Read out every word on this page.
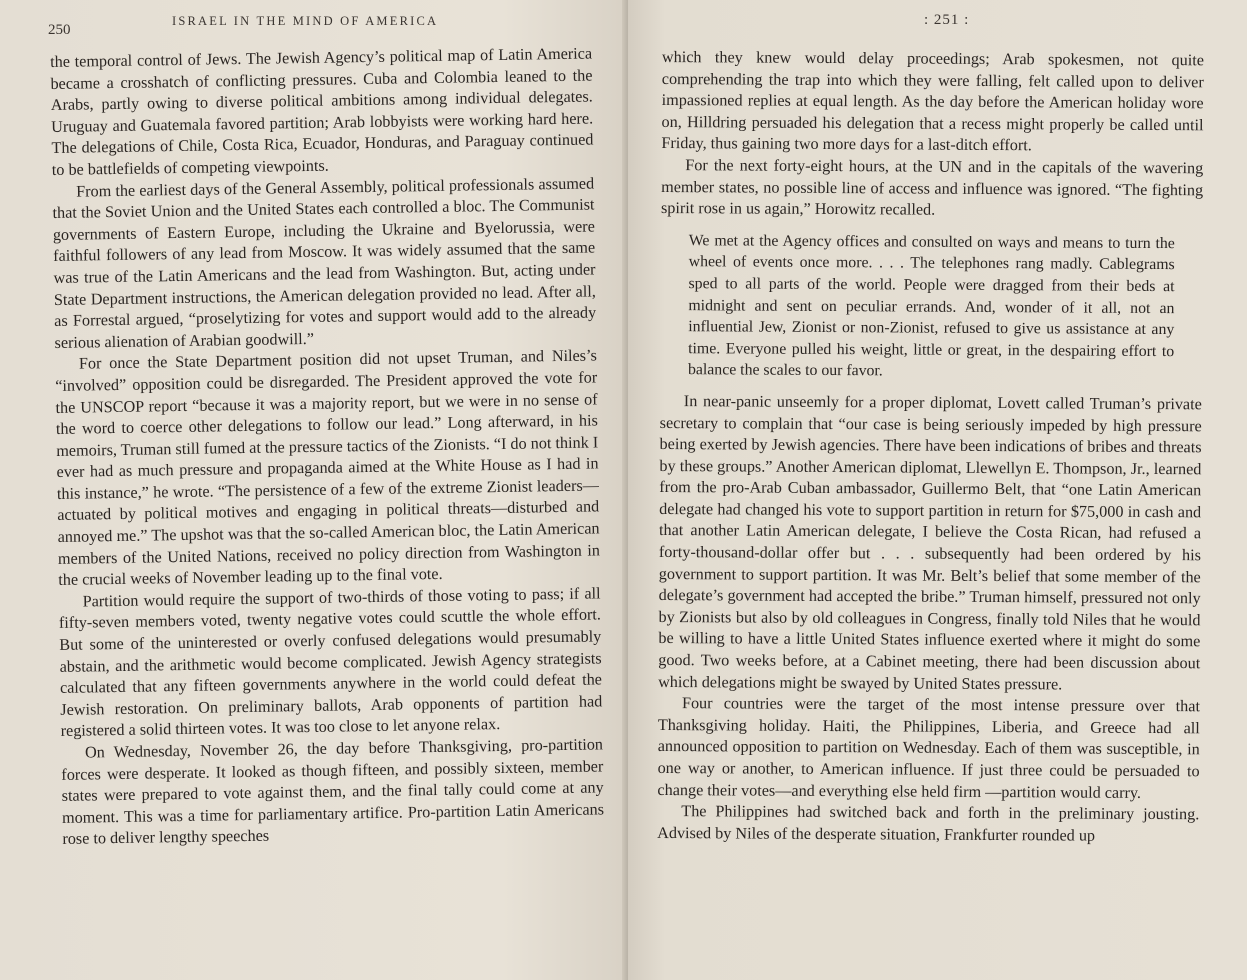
250
ISRAEL IN THE MIND OF AMERICA

the temporal control of Jews. The Jewish Agency’s political map of Latin America became a crosshatch of conflicting pressures. Cuba and Colombia leaned to the Arabs, partly owing to diverse political ambitions among individual delegates. Uruguay and Guatemala favored partition; Arab lobbyists were working hard here. The delegations of Chile, Costa Rica, Ecuador, Honduras, and Paraguay continued to be battlefields of competing viewpoints.

From the earliest days of the General Assembly, political professionals assumed that the Soviet Union and the United States each controlled a bloc. The Communist governments of Eastern Europe, including the Ukraine and Byelorussia, were faithful followers of any lead from Moscow. It was widely assumed that the same was true of the Latin Americans and the lead from Washington. But, acting under State Department instructions, the American delegation provided no lead. After all, as Forrestal argued, “proselytizing for votes and support would add to the already serious alienation of Arabian goodwill.”

For once the State Department position did not upset Truman, and Niles’s “involved” opposition could be disregarded. The President approved the vote for the UNSCOP report “because it was a majority report, but we were in no sense of the word to coerce other delegations to follow our lead.” Long afterward, in his memoirs, Truman still fumed at the pressure tactics of the Zionists. “I do not think I ever had as much pressure and propaganda aimed at the White House as I had in this instance,” he wrote. “The persistence of a few of the extreme Zionist leaders—actuated by political motives and engaging in political threats—disturbed and annoyed me.” The upshot was that the so-called American bloc, the Latin American members of the United Nations, received no policy direction from Washington in the crucial weeks of November leading up to the final vote.

Partition would require the support of two-thirds of those voting to pass; if all fifty-seven members voted, twenty negative votes could scuttle the whole effort. But some of the uninterested or overly confused delegations would presumably abstain, and the arithmetic would become complicated. Jewish Agency strategists calculated that any fifteen governments anywhere in the world could defeat the Jewish restoration. On preliminary ballots, Arab opponents of partition had registered a solid thirteen votes. It was too close to let anyone relax.

On Wednesday, November 26, the day before Thanksgiving, pro-partition forces were desperate. It looked as though fifteen, and possibly sixteen, member states were prepared to vote against them, and the final tally could come at any moment. This was a time for parliamentary artifice. Pro-partition Latin Americans rose to deliver lengthy speeches

: 251 :

which they knew would delay proceedings; Arab spokesmen, not quite comprehending the trap into which they were falling, felt called upon to deliver impassioned replies at equal length. As the day before the American holiday wore on, Hilldring persuaded his delegation that a recess might properly be called until Friday, thus gaining two more days for a last-ditch effort.

For the next forty-eight hours, at the UN and in the capitals of the wavering member states, no possible line of access and influence was ignored. “The fighting spirit rose in us again,” Horowitz recalled.

We met at the Agency offices and consulted on ways and means to turn the wheel of events once more. . . . The telephones rang madly. Cablegrams sped to all parts of the world. People were dragged from their beds at midnight and sent on peculiar errands. And, wonder of it all, not an influential Jew, Zionist or non-Zionist, refused to give us assistance at any time. Everyone pulled his weight, little or great, in the despairing effort to balance the scales to our favor.

In near-panic unseemly for a proper diplomat, Lovett called Truman’s private secretary to complain that “our case is being seriously impeded by high pressure being exerted by Jewish agencies. There have been indications of bribes and threats by these groups.” Another American diplomat, Llewellyn E. Thompson, Jr., learned from the pro-Arab Cuban ambassador, Guillermo Belt, that “one Latin American delegate had changed his vote to support partition in return for $75,000 in cash and that another Latin American delegate, I believe the Costa Rican, had refused a forty-thousand-dollar offer but . . . subsequently had been ordered by his government to support partition. It was Mr. Belt’s belief that some member of the delegate’s government had accepted the bribe.” Truman himself, pressured not only by Zionists but also by old colleagues in Congress, finally told Niles that he would be willing to have a little United States influence exerted where it might do some good. Two weeks before, at a Cabinet meeting, there had been discussion about which delegations might be swayed by United States pressure.

Four countries were the target of the most intense pressure over that Thanksgiving holiday. Haiti, the Philippines, Liberia, and Greece had all announced opposition to partition on Wednesday. Each of them was susceptible, in one way or another, to American influence. If just three could be persuaded to change their votes—and everything else held firm —partition would carry.

The Philippines had switched back and forth in the preliminary jousting. Advised by Niles of the desperate situation, Frankfurter rounded up
